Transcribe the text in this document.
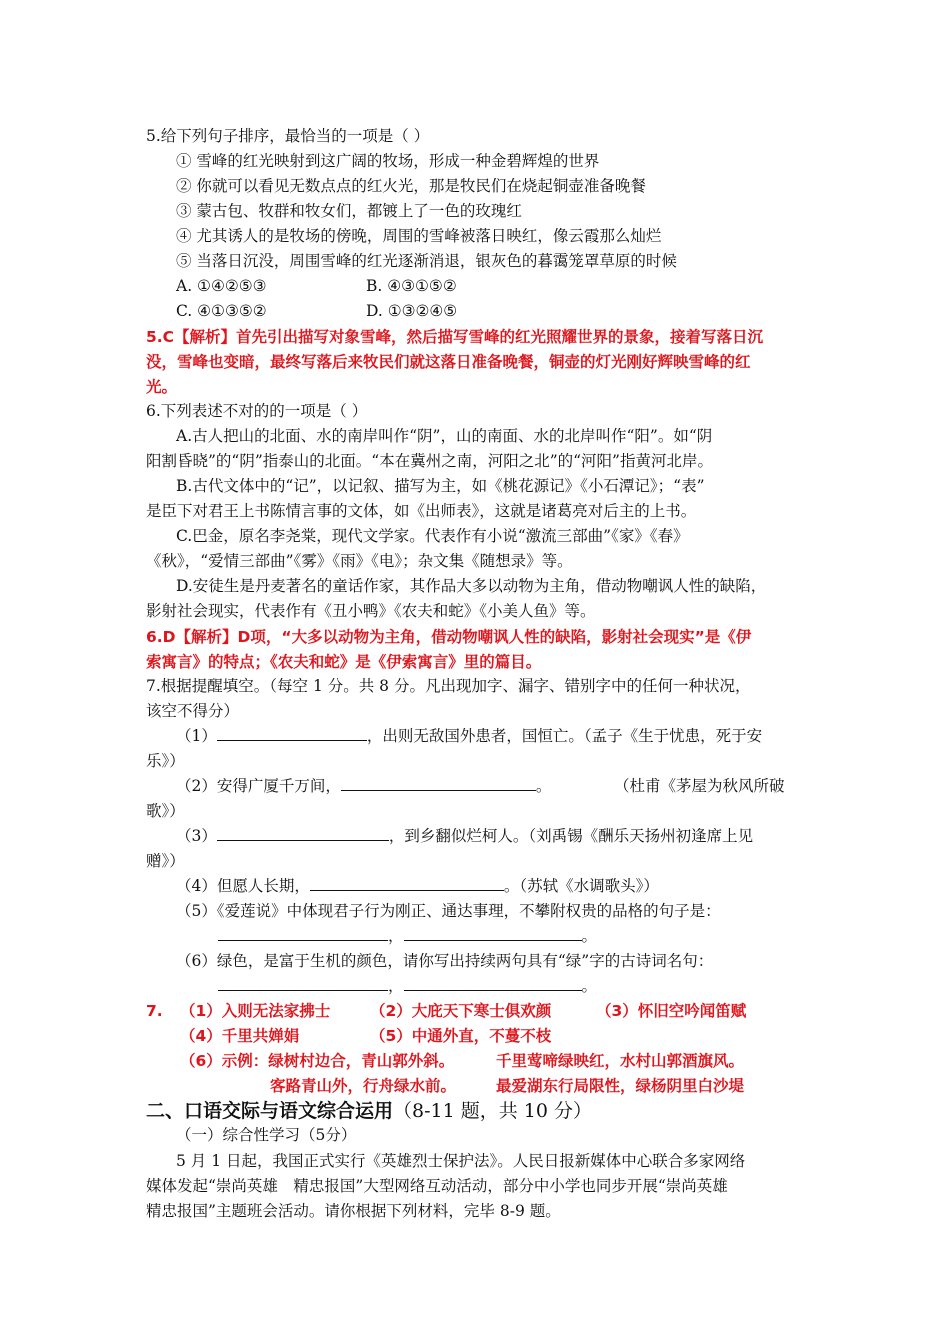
5.给下列句子排序，最恰当的一项是（ ）
① 雪峰的红光映射到这广阔的牧场，形成一种金碧辉煌的世界
② 你就可以看见无数点点的红火光，那是牧民们在烧起铜壶准备晚餐
③ 蒙古包、牧群和牧女们，都镀上了一色的玫瑰红
④ 尤其诱人的是牧场的傍晚，周围的雪峰被落日映红，像云霞那么灿烂
⑤ 当落日沉没，周围雪峰的红光逐渐消退，银灰色的暮霭笼罩草原的时候
A. ①④②⑤③	B. ④③①⑤②
C. ④①③⑤②	D. ①③②④⑤
5.C【解析】首先引出描写对象雪峰，然后描写雪峰的红光照耀世界的景象，接着写落日沉
没，雪峰也变暗，最终写落后来牧民们就这落日准备晚餐，铜壶的灯光刚好辉映雪峰的红
光。
6.下列表述不对的的一项是（ ）
A.古人把山的北面、水的南岸叫作“阴”，山的南面、水的北岸叫作“阳”。如“阴
阳割昏晓”的“阴”指泰山的北面。“本在冀州之南，河阳之北”的“河阳”指黄河北岸。
B.古代文体中的“记”，以记叙、描写为主，如《桃花源记》《小石潭记》；“表”
是臣下对君王上书陈情言事的文体，如《出师表》，这就是诸葛亮对后主的上书。
C.巴金，原名李尧棠，现代文学家。代表作有小说“激流三部曲”《家》《春》
《秋》，“爱情三部曲”《雾》《雨》《电》；杂文集《随想录》等。
D.安徒生是丹麦著名的童话作家，其作品大多以动物为主角，借动物嘲讽人性的缺陷，
影射社会现实，代表作有《丑小鸭》《农夫和蛇》《小美人鱼》等。
6.D【解析】D项，“大多以动物为主角，借动物嘲讽人性的缺陷，影射社会现实”是《伊
索寓言》的特点；《农夫和蛇》是《伊索寓言》里的篇目。
7.根据提醒填空。（每空 1 分。共 8 分。凡出现加字、漏字、错别字中的任何一种状况，
该空不得分）
（1）	，出则无敌国外患者，国恒亡。（孟子《生于忧患，死于安
乐》）
（2）安得广厦千万间，	。	（杜甫《茅屋为秋风所破
歌》）
（3）	，到乡翻似烂柯人。（刘禹锡《酬乐天扬州初逢席上见
赠》）
（4）但愿人长期，	。（苏轼《水调歌头》）
（5）《爱莲说》中体现君子行为刚正、通达事理，不攀附权贵的品格的句子是：
，	。
（6）绿色，是富于生机的颜色，请你写出持续两句具有“绿”字的古诗词名句：
，	。
7. （1）入则无法家拂士	（2）大庇天下寒士俱欢颜	（3）怀旧空吟闻笛赋
（4）千里共婵娟	（5）中通外直，不蔓不枝
（6）示例：绿树村边合，青山郭外斜。	千里莺啼绿映红，水村山郭酒旗风。
客路青山外，行舟绿水前。	最爱湖东行局限性，绿杨阴里白沙堤
二、口语交际与语文综合运用（8-11 题，共 10 分）
（一）综合性学习（5分）
5 月 1 日起，我国正式实行《英雄烈士保护法》。人民日报新媒体中心联合多家网络
媒体发起“崇尚英雄　精忠报国”大型网络互动活动，部分中小学也同步开展“崇尚英雄
精忠报国”主题班会活动。请你根据下列材料，完毕 8-9 题。
